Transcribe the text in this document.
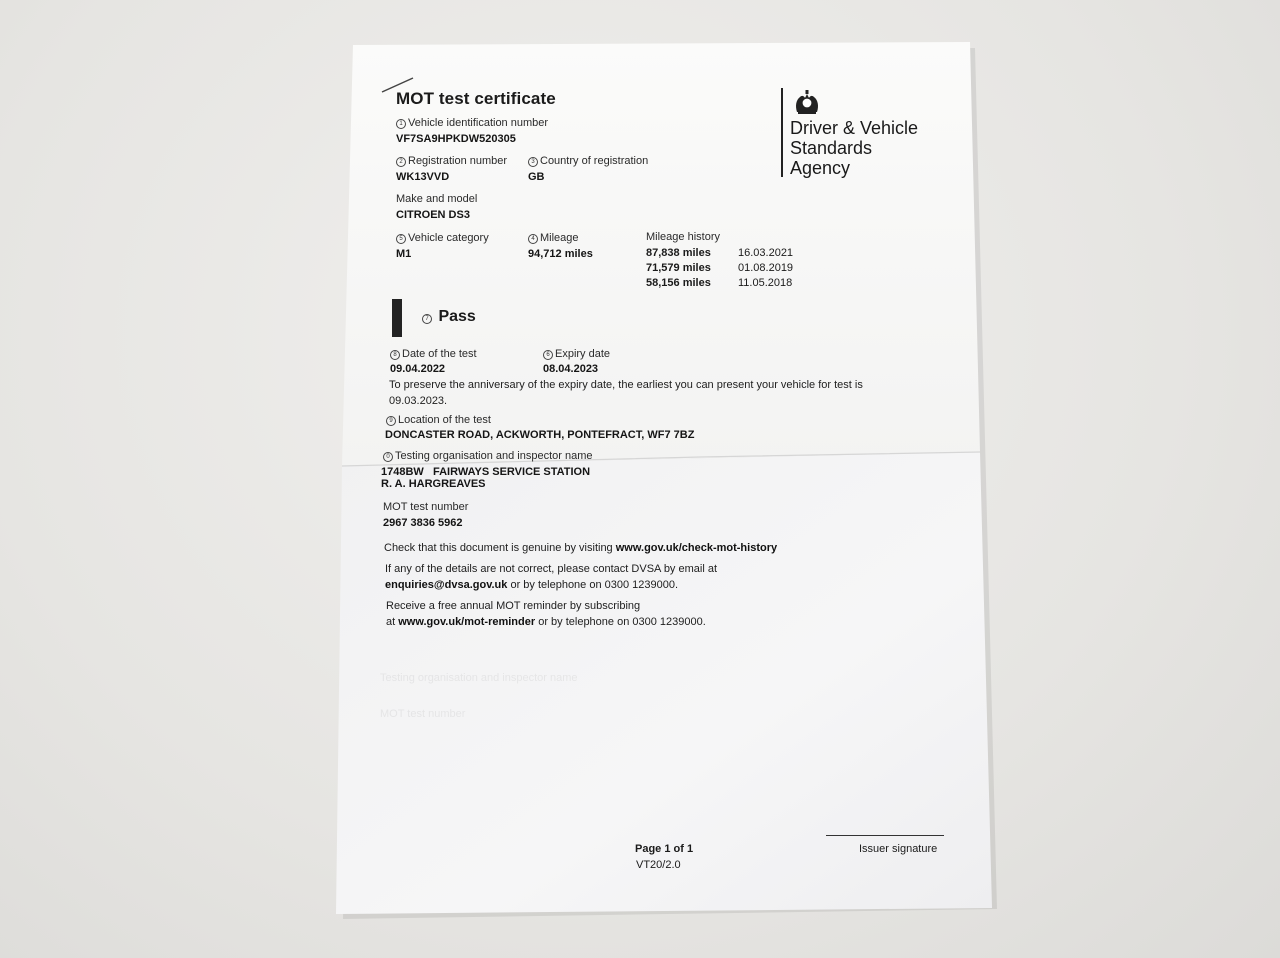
MOT test certificate
1 Vehicle identification number
VF7SA9HPKDW520305
2 Registration number
WK13VVD
3 Country of registration
GB
Make and model
CITROEN DS3
5 Vehicle category
M1
4 Mileage
94,712 miles
Mileage history
87,838 miles 16.03.2021
71,579 miles 01.08.2019
58,156 miles 11.05.2018
7 Pass
8 Date of the test
09.04.2022
6 Expiry date
08.04.2023
To preserve the anniversary of the expiry date, the earliest you can present your vehicle for test is
09.03.2023.
9 Location of the test
DONCASTER ROAD, ACKWORTH, PONTEFRACT, WF7 7BZ
0 Testing organisation and inspector name
1748BW   FAIRWAYS SERVICE STATION
R. A. HARGREAVES
MOT test number
2967 3836 5962
Check that this document is genuine by visiting www.gov.uk/check-mot-history
If any of the details are not correct, please contact DVSA by email at
enquiries@dvsa.gov.uk or by telephone on 0300 1239000.
Receive a free annual MOT reminder by subscribing
at www.gov.uk/mot-reminder or by telephone on 0300 1239000.
Testing organisation and inspector name
MOT test number
Page 1 of 1
VT20/2.0
Issuer signature
Driver & Vehicle
Standards
Agency
